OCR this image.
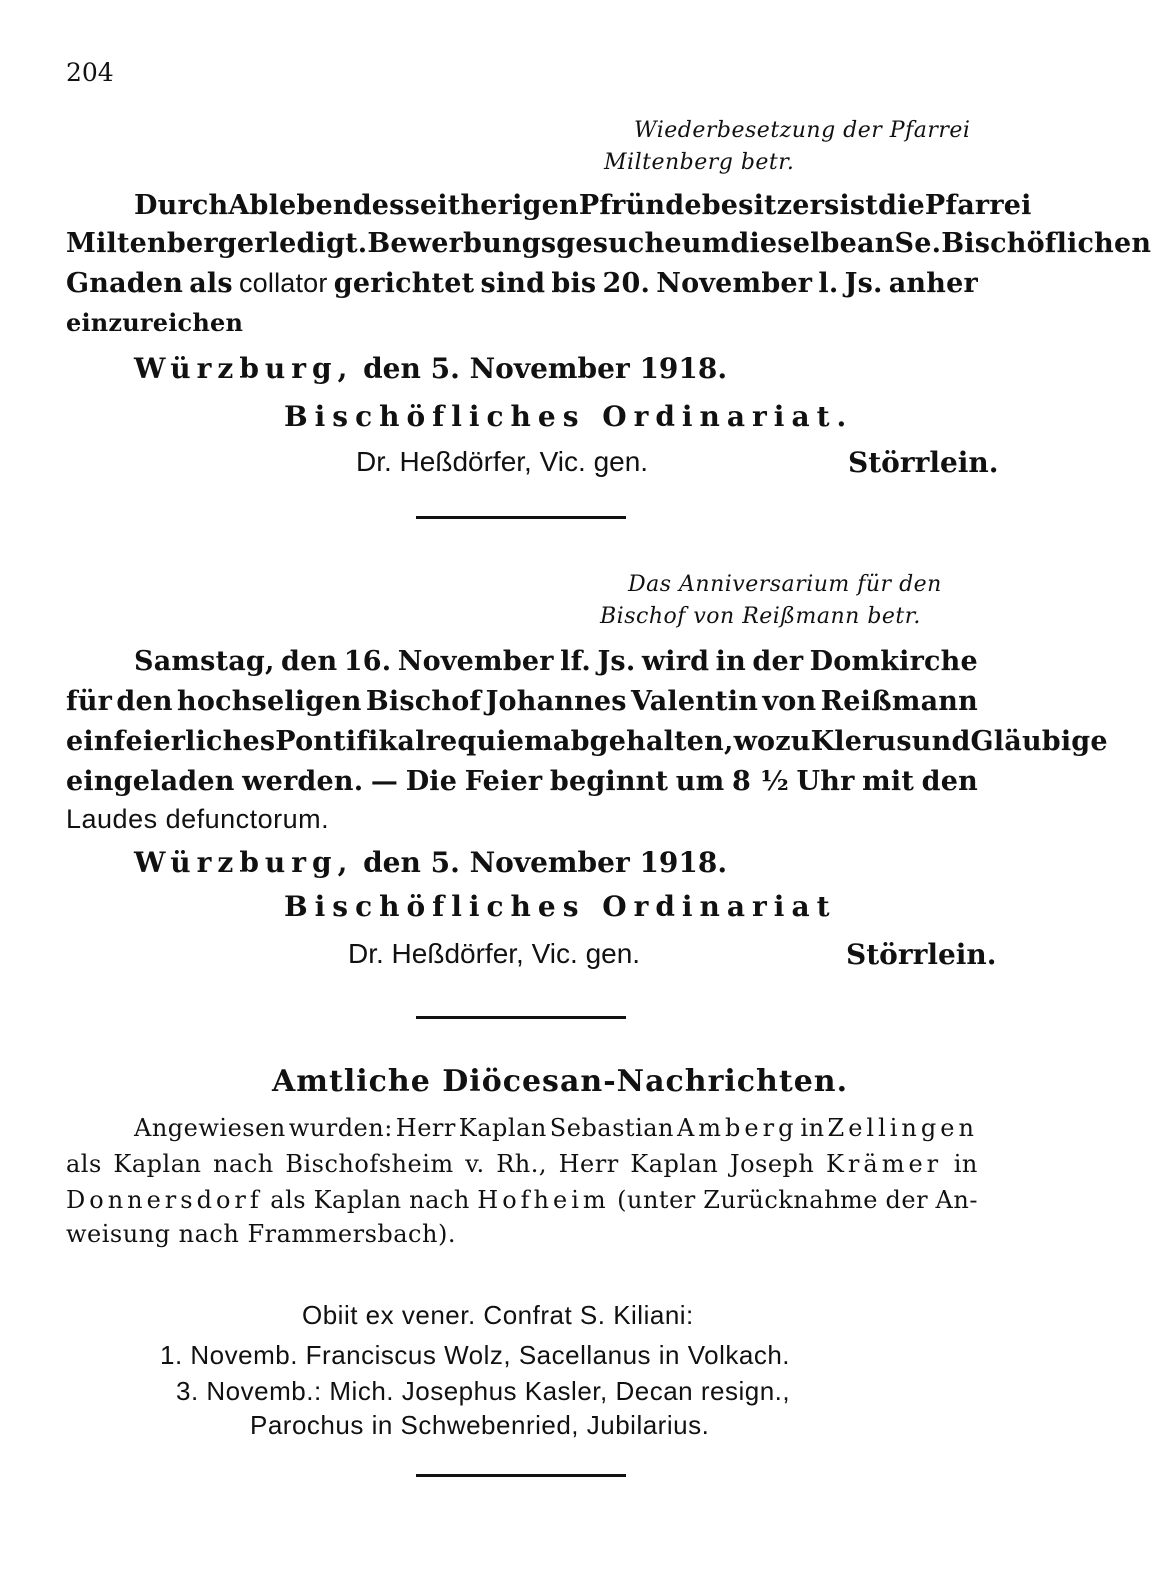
204
Wiederbesetzung der Pfarrei
Miltenberg betr.
Durch Ableben des seitherigen Pfründebesitzers ist die Pfarrei
Miltenberg erledigt. Bewerbungsgesuche um dieselbe an Se. Bischöflichen
Gnaden als collator gerichtet sind bis 20. November l. Js. anher
einzureichen
Würzburg, den 5. November 1918.
Bischöfliches Ordinariat.
Dr. Heßdörfer, Vic. gen.	Störrlein.
Das Anniversarium für den
Bischof von Reißmann betr.
Samstag, den 16. November lf. Js. wird in der Domkirche
für den hochseligen Bischof Johannes Valentin von Reißmann
ein feierliches Pontifikalrequiem abgehalten, wozu Klerus und Gläubige
eingeladen werden. — Die Feier beginnt um 8 ½ Uhr mit den
Laudes defunctorum.
Würzburg, den 5. November 1918.
Bischöfliches Ordinariat
Dr. Heßdörfer, Vic. gen.	Störrlein.
Amtliche Diöcesan-Nachrichten.
Angewiesen wurden: Herr Kaplan Sebastian Amberg in Zellingen
als Kaplan nach Bischofsheim v. Rh., Herr Kaplan Joseph Krämer in
Donnersdorf als Kaplan nach Hofheim (unter Zurücknahme der An-
weisung nach Frammersbach).
Obiit ex vener. Confrat S. Kiliani:
1. Novemb. Franciscus Wolz, Sacellanus in Volkach.
3. Novemb.: Mich. Josephus Kasler, Decan resign.,
Parochus in Schwebenried, Jubilarius.
